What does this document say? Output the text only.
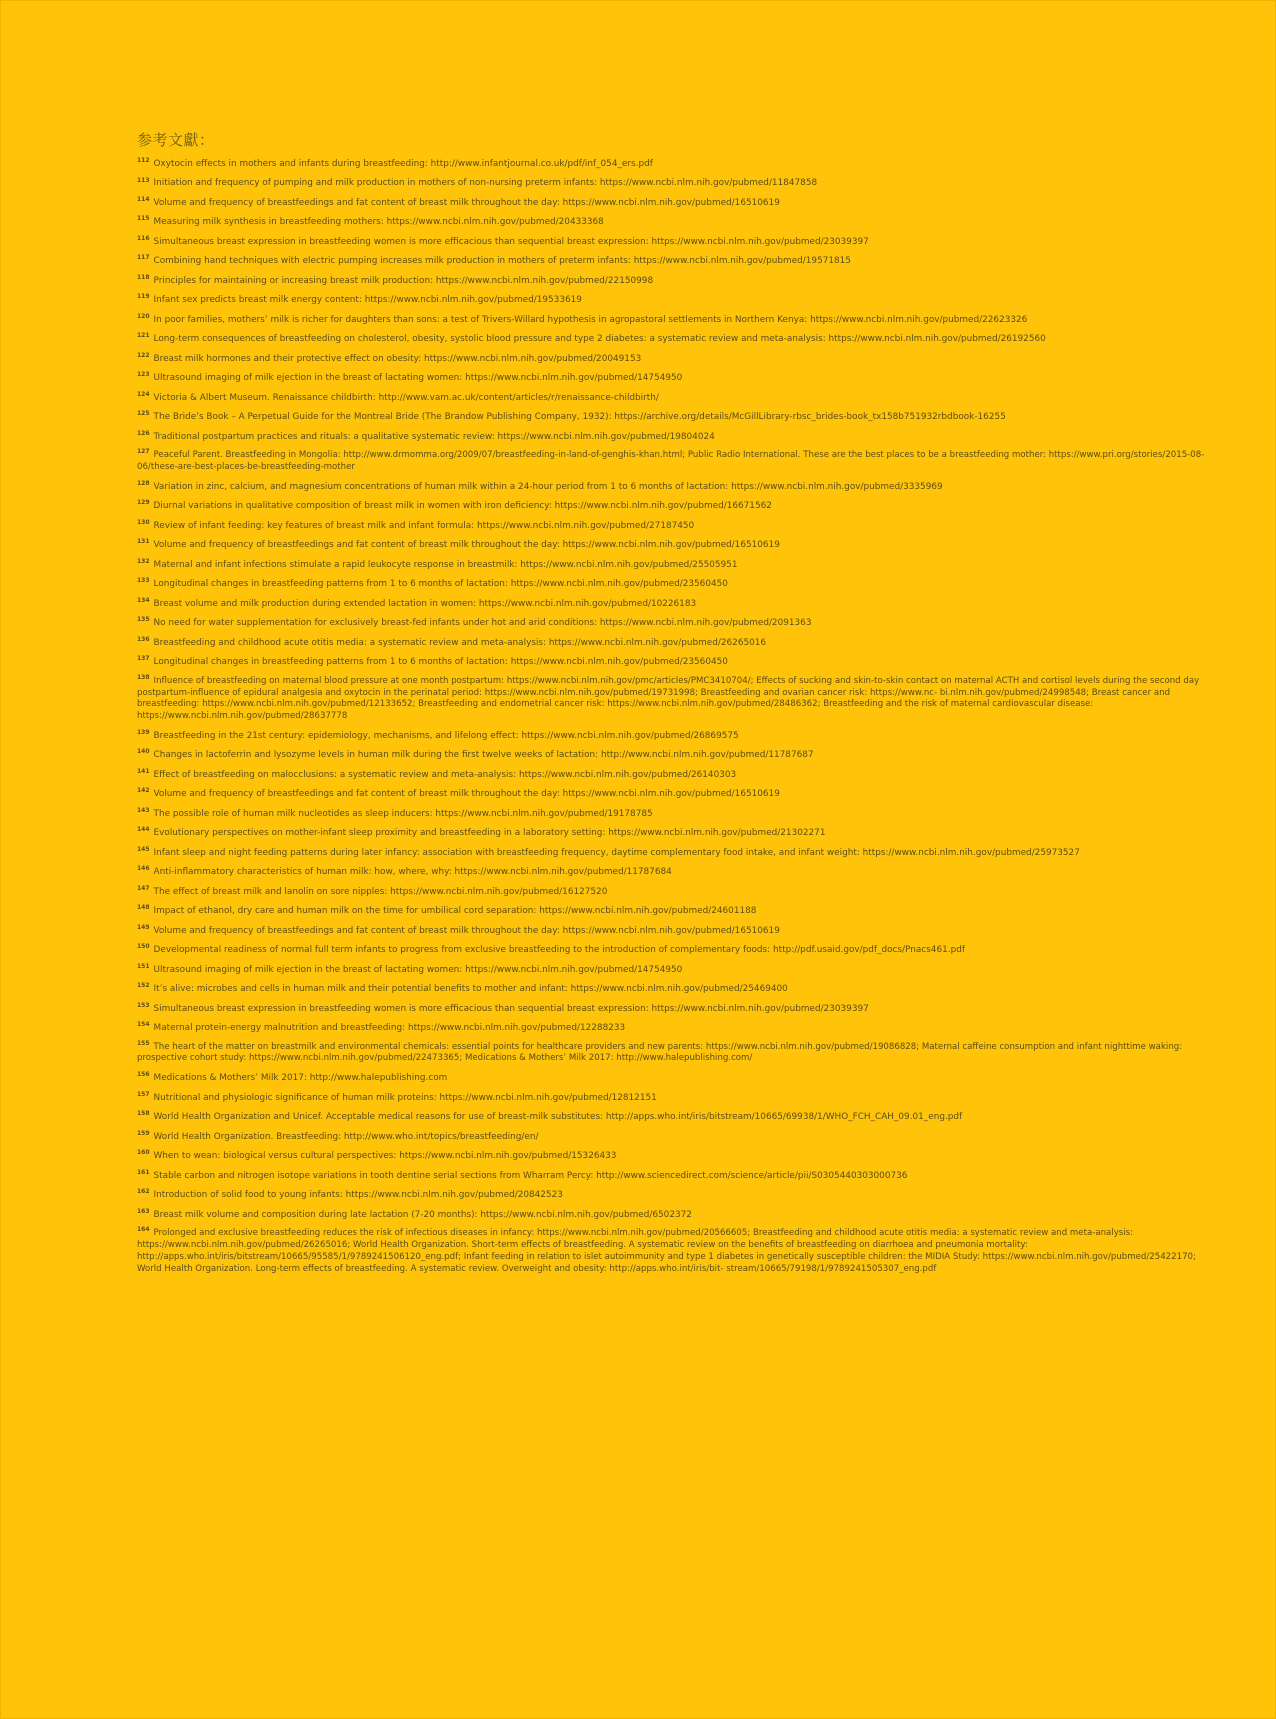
参考文獻：
$^{112}$ Oxytocin effects in mothers and infants during breastfeeding: http://www.infantjournal.co.uk/pdf/inf_054_ers.pdf
$^{113}$ Initiation and frequency of pumping and milk production in mothers of non-nursing preterm infants: https://www.ncbi.nlm.nih.gov/pubmed/11847858
$^{114}$ Volume and frequency of breastfeedings and fat content of breast milk throughout the day: https://www.ncbi.nlm.nih.gov/pubmed/16510619
$^{115}$ Measuring milk synthesis in breastfeeding mothers: https://www.ncbi.nlm.nih.gov/pubmed/20433368
$^{116}$ Simultaneous breast expression in breastfeeding women is more efficacious than sequential breast expression: https://www.ncbi.nlm.nih.gov/pubmed/23039397
$^{117}$ Combining hand techniques with electric pumping increases milk production in mothers of preterm infants: https://www.ncbi.nlm.nih.gov/pubmed/19571815
$^{118}$ Principles for maintaining or increasing breast milk production: https://www.ncbi.nlm.nih.gov/pubmed/22150998
$^{119}$ Infant sex predicts breast milk energy content: https://www.ncbi.nlm.nih.gov/pubmed/19533619
$^{120}$ In poor families, mothers’ milk is richer for daughters than sons: a test of Trivers-Willard hypothesis in agropastoral settlements in Northern Kenya: https://www.ncbi.nlm.nih.gov/pubmed/22623326
$^{121}$ Long-term consequences of breastfeeding on cholesterol, obesity, systolic blood pressure and type 2 diabetes: a systematic review and meta-analysis: https://www.ncbi.nlm.nih.gov/pubmed/26192560
$^{122}$ Breast milk hormones and their protective effect on obesity: https://www.ncbi.nlm.nih.gov/pubmed/20049153
$^{123}$ Ultrasound imaging of milk ejection in the breast of lactating women: https://www.ncbi.nlm.nih.gov/pubmed/14754950
$^{124}$ Victoria & Albert Museum. Renaissance childbirth: http://www.vam.ac.uk/content/articles/r/renaissance-childbirth/
$^{125}$ The Bride’s Book – A Perpetual Guide for the Montreal Bride (The Brandow Publishing Company, 1932): https://archive.org/details/McGillLibrary-rbsc_brides-book_tx158b751932rbdbook-16255
$^{126}$ Traditional postpartum practices and rituals: a qualitative systematic review: https://www.ncbi.nlm.nih.gov/pubmed/19804024
$^{127}$ Peaceful Parent. Breastfeeding in Mongolia: http://www.drmomma.org/2009/07/breastfeeding-in-land-of-genghis-khan.html; Public Radio International. These are the best places to be a breastfeeding mother: https://www.pri.org/stories/2015-08-06/these-are-best-places-be-breastfeeding-mother
$^{128}$ Variation in zinc, calcium, and magnesium concentrations of human milk within a 24-hour period from 1 to 6 months of lactation: https://www.ncbi.nlm.nih.gov/pubmed/3335969
$^{129}$ Diurnal variations in qualitative composition of breast milk in women with iron deficiency: https://www.ncbi.nlm.nih.gov/pubmed/16671562
$^{130}$ Review of infant feeding: key features of breast milk and infant formula: https://www.ncbi.nlm.nih.gov/pubmed/27187450
$^{131}$ Volume and frequency of breastfeedings and fat content of breast milk throughout the day: https://www.ncbi.nlm.nih.gov/pubmed/16510619
$^{132}$ Maternal and infant infections stimulate a rapid leukocyte response in breastmilk: https://www.ncbi.nlm.nih.gov/pubmed/25505951
$^{133}$ Longitudinal changes in breastfeeding patterns from 1 to 6 months of lactation: https://www.ncbi.nlm.nih.gov/pubmed/23560450
$^{134}$ Breast volume and milk production during extended lactation in women: https://www.ncbi.nlm.nih.gov/pubmed/10226183
$^{135}$ No need for water supplementation for exclusively breast-fed infants under hot and arid conditions: https://www.ncbi.nlm.nih.gov/pubmed/2091363
$^{136}$ Breastfeeding and childhood acute otitis media: a systematic review and meta-analysis: https://www.ncbi.nlm.nih.gov/pubmed/26265016
$^{137}$ Longitudinal changes in breastfeeding patterns from 1 to 6 months of lactation: https://www.ncbi.nlm.nih.gov/pubmed/23560450
$^{138}$ Influence of breastfeeding on maternal blood pressure at one month postpartum: https://www.ncbi.nlm.nih.gov/pmc/articles/PMC3410704/; Effects of sucking and skin-to-skin contact on maternal ACTH and cortisol levels during the second day postpartum-influence of epidural analgesia and oxytocin in the perinatal period: https://www.ncbi.nlm.nih.gov/pubmed/19731998; Breastfeeding and ovarian cancer risk: https://www.nc- bi.nlm.nih.gov/pubmed/24998548; Breast cancer and breastfeeding: https://www.ncbi.nlm.nih.gov/pubmed/12133652; Breastfeeding and endometrial cancer risk: https://www.ncbi.nlm.nih.gov/pubmed/28486362; Breastfeeding and the risk of maternal cardiovascular disease: https://www.ncbi.nlm.nih.gov/pubmed/28637778
$^{139}$ Breastfeeding in the 21st century: epidemiology, mechanisms, and lifelong effect: https://www.ncbi.nlm.nih.gov/pubmed/26869575
$^{140}$ Changes in lactoferrin and lysozyme levels in human milk during the first twelve weeks of lactation: http://www.ncbi.nlm.nih.gov/pubmed/11787687
$^{141}$ Effect of breastfeeding on malocclusions: a systematic review and meta-analysis: https://www.ncbi.nlm.nih.gov/pubmed/26140303
$^{142}$ Volume and frequency of breastfeedings and fat content of breast milk throughout the day: https://www.ncbi.nlm.nih.gov/pubmed/16510619
$^{143}$ The possible role of human milk nucleotides as sleep inducers: https://www.ncbi.nlm.nih.gov/pubmed/19178785
$^{144}$ Evolutionary perspectives on mother-infant sleep proximity and breastfeeding in a laboratory setting: https://www.ncbi.nlm.nih.gov/pubmed/21302271
$^{145}$ Infant sleep and night feeding patterns during later infancy: association with breastfeeding frequency, daytime complementary food intake, and infant weight: https://www.ncbi.nlm.nih.gov/pubmed/25973527
$^{146}$ Anti-inflammatory characteristics of human milk: how, where, why: https://www.ncbi.nlm.nih.gov/pubmed/11787684
$^{147}$ The effect of breast milk and lanolin on sore nipples: https://www.ncbi.nlm.nih.gov/pubmed/16127520
$^{148}$ Impact of ethanol, dry care and human milk on the time for umbilical cord separation: https://www.ncbi.nlm.nih.gov/pubmed/24601188
$^{149}$ Volume and frequency of breastfeedings and fat content of breast milk throughout the day: https://www.ncbi.nlm.nih.gov/pubmed/16510619
$^{150}$ Developmental readiness of normal full term infants to progress from exclusive breastfeeding to the introduction of complementary foods: http://pdf.usaid.gov/pdf_docs/Pnacs461.pdf
$^{151}$ Ultrasound imaging of milk ejection in the breast of lactating women: https://www.ncbi.nlm.nih.gov/pubmed/14754950
$^{152}$ It’s alive: microbes and cells in human milk and their potential benefits to mother and infant: https://www.ncbi.nlm.nih.gov/pubmed/25469400
$^{153}$ Simultaneous breast expression in breastfeeding women is more efficacious than sequential breast expression: https://www.ncbi.nlm.nih.gov/pubmed/23039397
$^{154}$ Maternal protein-energy malnutrition and breastfeeding: https://www.ncbi.nlm.nih.gov/pubmed/12288233
$^{155}$ The heart of the matter on breastmilk and environmental chemicals: essential points for healthcare providers and new parents: https://www.ncbi.nlm.nih.gov/pubmed/19086828; Maternal caffeine consumption and infant nighttime waking: prospective cohort study: https://www.ncbi.nlm.nih.gov/pubmed/22473365; Medications & Mothers’ Milk 2017: http://www.halepublishing.com/
$^{156}$ Medications & Mothers’ Milk 2017: http://www.halepublishing.com
$^{157}$ Nutritional and physiologic significance of human milk proteins: https://www.ncbi.nlm.nih.gov/pubmed/12812151
$^{158}$ World Health Organization and Unicef. Acceptable medical reasons for use of breast-milk substitutes: http://apps.who.int/iris/bitstream/10665/69938/1/WHO_FCH_CAH_09.01_eng.pdf
$^{159}$ World Health Organization. Breastfeeding: http://www.who.int/topics/breastfeeding/en/
$^{160}$ When to wean: biological versus cultural perspectives: https://www.ncbi.nlm.nih.gov/pubmed/15326433
$^{161}$ Stable carbon and nitrogen isotope variations in tooth dentine serial sections from Wharram Percy: http://www.sciencedirect.com/science/article/pii/S0305440303000736
$^{162}$ Introduction of solid food to young infants: https://www.ncbi.nlm.nih.gov/pubmed/20842523
$^{163}$ Breast milk volume and composition during late lactation (7-20 months): https://www.ncbi.nlm.nih.gov/pubmed/6502372
$^{164}$ Prolonged and exclusive breastfeeding reduces the risk of infectious diseases in infancy: https://www.ncbi.nlm.nih.gov/pubmed/20566605; Breastfeeding and childhood acute otitis media: a systematic review and meta-analysis: https://www.ncbi.nlm.nih.gov/pubmed/26265016; World Health Organization. Short-term effects of breastfeeding. A systematic review on the benefits of breastfeeding on diarrhoea and pneumonia mortality: http://apps.who.int/iris/bitstream/10665/95585/1/9789241506120_eng.pdf; Infant feeding in relation to islet autoimmunity and type 1 diabetes in genetically susceptible children: the MIDIA Study: https://www.ncbi.nlm.nih.gov/pubmed/25422170; World Health Organization. Long-term effects of breastfeeding. A systematic review. Overweight and obesity: http://apps.who.int/iris/bit- stream/10665/79198/1/9789241505307_eng.pdf
